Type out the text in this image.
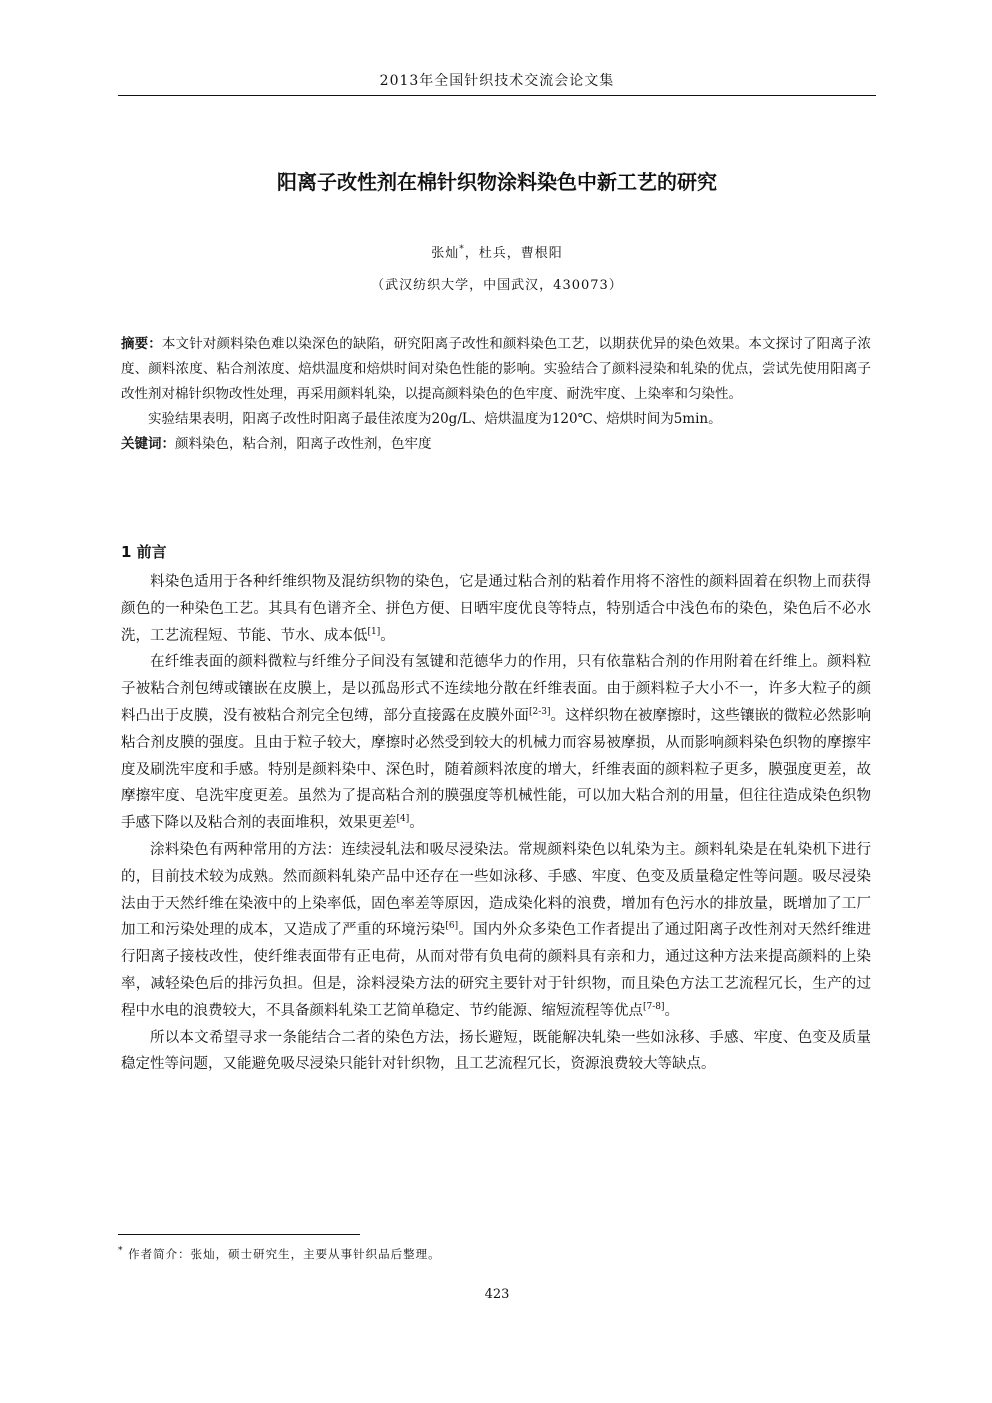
2013年全国针织技术交流会论文集
阳离子改性剂在棉针织物涂料染色中新工艺的研究
张灿*，杜兵，曹根阳
（武汉纺织大学，中国武汉，430073）

摘要：本文针对颜料染色难以染深色的缺陷，研究阳离子改性和颜料染色工艺，以期获优异的染色效果。本文探讨了阳离子浓度、颜料浓度、粘合剂浓度、焙烘温度和焙烘时间对染色性能的影响。实验结合了颜料浸染和轧染的优点，尝试先使用阳离子改性剂对棉针织物改性处理，再采用颜料轧染，以提高颜料染色的色牢度、耐洗牢度、上染率和匀染性。

实验结果表明，阳离子改性时阳离子最佳浓度为20g/L、焙烘温度为120℃、焙烘时间为5min。

关键词：颜料染色，粘合剂，阳离子改性剂，色牢度

1 前言

料染色适用于各种纤维织物及混纺织物的染色，它是通过粘合剂的粘着作用将不溶性的颜料固着在织物上而获得颜色的一种染色工艺。其具有色谱齐全、拼色方便、日晒牢度优良等特点，特别适合中浅色布的染色，染色后不必水洗，工艺流程短、节能、节水、成本低[1]。

在纤维表面的颜料微粒与纤维分子间没有氢键和范德华力的作用，只有依靠粘合剂的作用附着在纤维上。颜料粒子被粘合剂包缚或镶嵌在皮膜上，是以孤岛形式不连续地分散在纤维表面。由于颜料粒子大小不一，许多大粒子的颜料凸出于皮膜，没有被粘合剂完全包缚，部分直接露在皮膜外面[2-3]。这样织物在被摩擦时，这些镶嵌的微粒必然影响粘合剂皮膜的强度。且由于粒子较大，摩擦时必然受到较大的机械力而容易被摩损，从而影响颜料染色织物的摩擦牢度及刷洗牢度和手感。特别是颜料染中、深色时，随着颜料浓度的增大，纤维表面的颜料粒子更多，膜强度更差，故摩擦牢度、皂洗牢度更差。虽然为了提高粘合剂的膜强度等机械性能，可以加大粘合剂的用量，但往往造成染色织物手感下降以及粘合剂的表面堆积，效果更差[4]。

涂料染色有两种常用的方法：连续浸轧法和吸尽浸染法。常规颜料染色以轧染为主。颜料轧染是在轧染机下进行的，目前技术较为成熟。然而颜料轧染产品中还存在一些如泳移、手感、牢度、色变及质量稳定性等问题。吸尽浸染法由于天然纤维在染液中的上染率低，固色率差等原因，造成染化料的浪费，增加有色污水的排放量，既增加了工厂加工和污染处理的成本，又造成了严重的环境污染[6]。国内外众多染色工作者提出了通过阳离子改性剂对天然纤维进行阳离子接枝改性，使纤维表面带有正电荷，从而对带有负电荷的颜料具有亲和力，通过这种方法来提高颜料的上染率，减轻染色后的排污负担。但是，涂料浸染方法的研究主要针对于针织物，而且染色方法工艺流程冗长，生产的过程中水电的浪费较大，不具备颜料轧染工艺简单稳定、节约能源、缩短流程等优点[7-8]。

所以本文希望寻求一条能结合二者的染色方法，扬长避短，既能解决轧染一些如泳移、手感、牢度、色变及质量稳定性等问题，又能避免吸尽浸染只能针对针织物，且工艺流程冗长，资源浪费较大等缺点。

* 作者简介：张灿，硕士研究生，主要从事针织品后整理。
423
